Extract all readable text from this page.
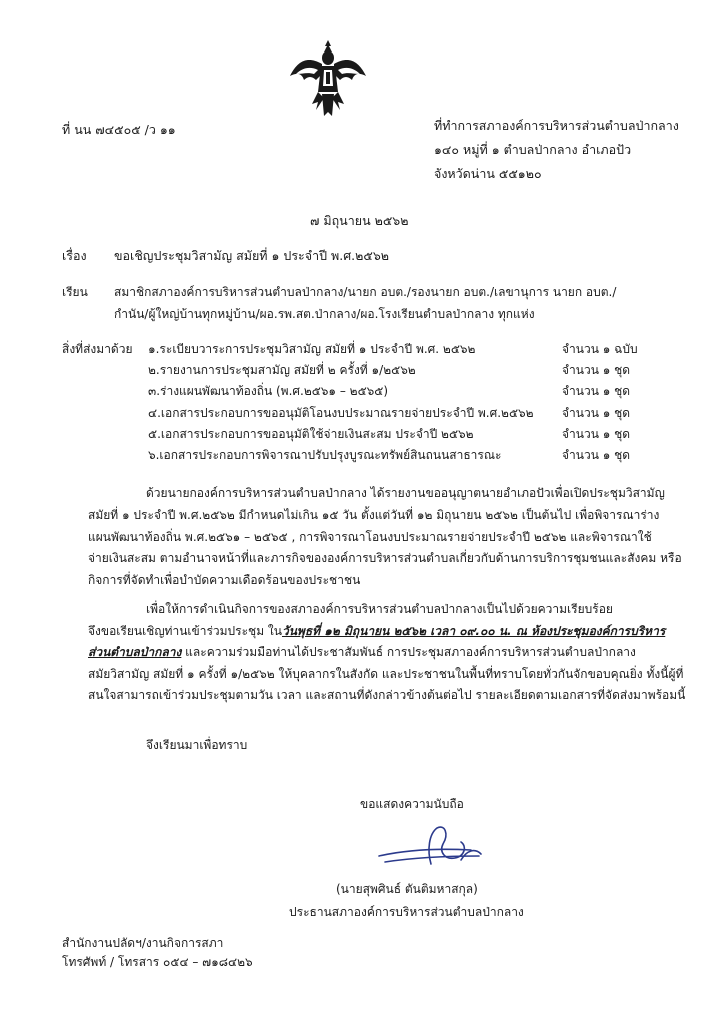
ที่ นน ๗๔๕๐๕ /ว ๑๑	ที่ทำการสภาองค์การบริหารส่วนตำบลป่ากลาง
๑๔๐ หมู่ที่ ๑ ตำบลป่ากลาง อำเภอปัว
จังหวัดน่าน ๕๕๑๒๐
๗ มิถุนายน ๒๕๖๒
เรื่อง ขอเชิญประชุมวิสามัญ สมัยที่ ๑ ประจำปี พ.ศ.๒๕๖๒
เรียน สมาชิกสภาองค์การบริหารส่วนตำบลป่ากลาง/นายก อบต./รองนายก อบต./เลขานุการ นายก อบต./
กำนัน/ผู้ใหญ่บ้านทุกหมู่บ้าน/ผอ.รพ.สต.ป่ากลาง/ผอ.โรงเรียนตำบลป่ากลาง ทุกแห่ง
สิ่งที่ส่งมาด้วย ๑.ระเบียบวาระการประชุมวิสามัญ สมัยที่ ๑ ประจำปี พ.ศ. ๒๕๖๒	จำนวน ๑ ฉบับ
๒.รายงานการประชุมสามัญ สมัยที่ ๒ ครั้งที่ ๑/๒๕๖๒	จำนวน ๑ ชุด
๓.ร่างแผนพัฒนาท้องถิ่น (พ.ศ.๒๕๖๑ – ๒๕๖๕)	จำนวน ๑ ชุด
๔.เอกสารประกอบการขออนุมัติโอนงบประมาณรายจ่ายประจำปี พ.ศ.๒๕๖๒ จำนวน ๑ ชุด
๕.เอกสารประกอบการขออนุมัติใช้จ่ายเงินสะสม ประจำปี ๒๕๖๒	จำนวน ๑ ชุด
๖.เอกสารประกอบการพิจารณาปรับปรุงบูรณะทรัพย์สินถนนสาธารณะ	จำนวน ๑ ชุด

ด้วยนายกองค์การบริหารส่วนตำบลป่ากลาง ได้รายงานขออนุญาตนายอำเภอปัวเพื่อเปิดประชุมวิสามัญ

สมัยที่ ๑ ประจำปี พ.ศ.๒๕๖๒ มีกำหนดไม่เกิน ๑๕ วัน ตั้งแต่วันที่ ๑๒ มิถุนายน ๒๕๖๒ เป็นต้นไป เพื่อพิจารณาร่าง

แผนพัฒนาท้องถิ่น พ.ศ.๒๕๖๑ – ๒๕๖๕ , การพิจารณาโอนงบประมาณรายจ่ายประจำปี ๒๕๖๒ และพิจารณาใช้

จ่ายเงินสะสม ตามอำนาจหน้าที่และภารกิจขององค์การบริหารส่วนตำบลเกี่ยวกับด้านการบริการชุมชนและสังคม หรือ

กิจการที่จัดทำเพื่อบำบัดความเดือดร้อนของประชาชน

เพื่อให้การดำเนินกิจการของสภาองค์การบริหารส่วนตำบลป่ากลางเป็นไปด้วยความเรียบร้อย

จึงขอเรียนเชิญท่านเข้าร่วมประชุม ในวันพุธที่ ๑๒ มิถุนายน ๒๕๖๒ เวลา ๐๙.๐๐ น. ณ ห้องประชุมองค์การบริหาร

ส่วนตำบลป่ากลาง และความร่วมมือท่านได้ประชาสัมพันธ์ การประชุมสภาองค์การบริหารส่วนตำบลป่ากลาง

สมัยวิสามัญ สมัยที่ ๑ ครั้งที่ ๑/๒๕๖๒ ให้บุคลากรในสังกัด และประชาชนในพื้นที่ทราบโดยทั่วกันจักขอบคุณยิ่ง ทั้งนี้ผู้ที่

สนใจสามารถเข้าร่วมประชุมตามวัน เวลา และสถานที่ดังกล่าวข้างต้นต่อไป รายละเอียดตามเอกสารที่จัดส่งมาพร้อมนี้

จึงเรียนมาเพื่อทราบ
ขอแสดงความนับถือ
(นายสุพศินธ์ ตันติมหาสกุล)
ประธานสภาองค์การบริหารส่วนตำบลป่ากลาง
สำนักงานปลัดฯ/งานกิจการสภา
โทรศัพท์ / โทรสาร ๐๕๔ – ๗๑๘๔๒๖
